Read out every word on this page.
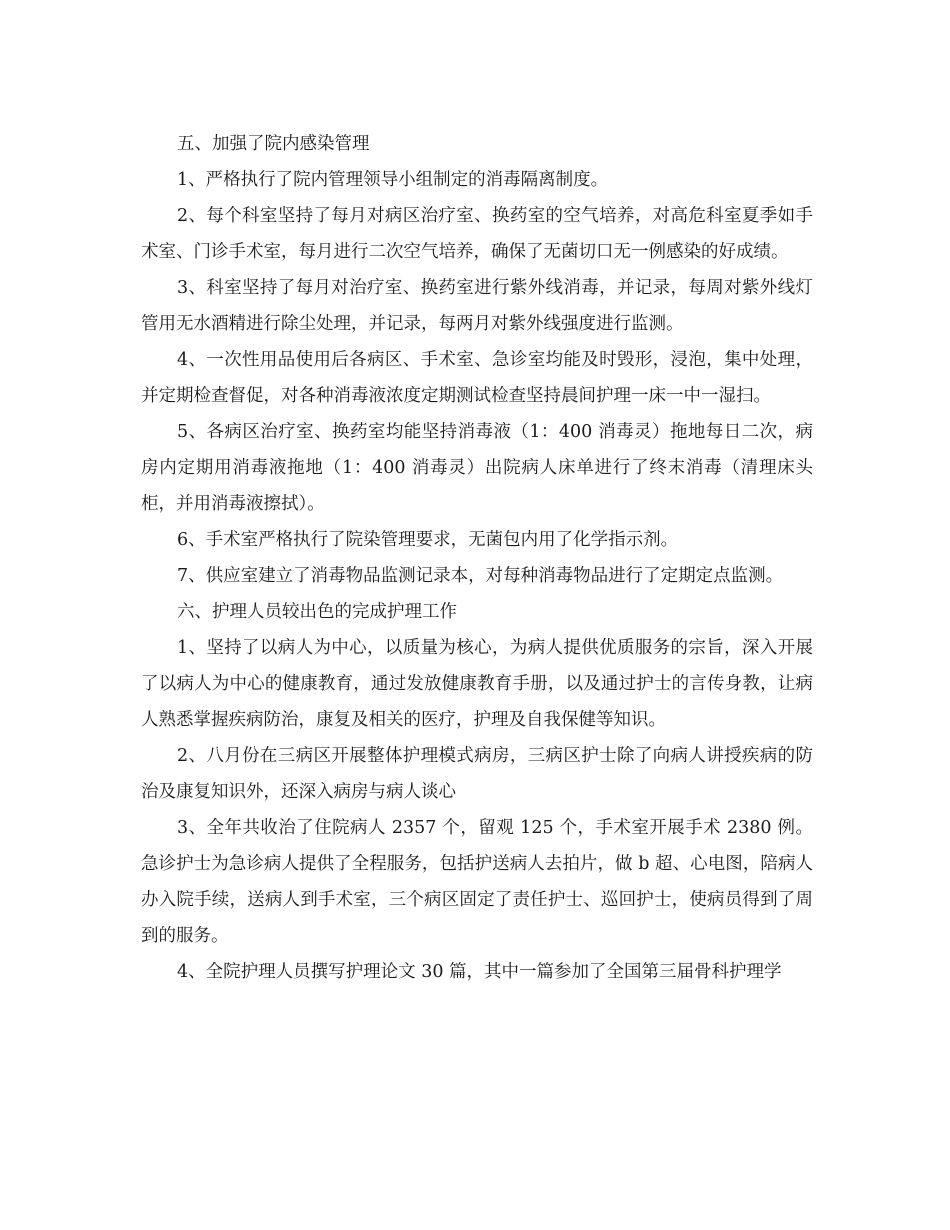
五、加强了院内感染管理

1、严格执行了院内管理领导小组制定的消毒隔离制度。

2、每个科室坚持了每月对病区治疗室、换药室的空气培养，对高危科室夏季如手术室、门诊手术室，每月进行二次空气培养，确保了无菌切口无一例感染的好成绩。

3、科室坚持了每月对治疗室、换药室进行紫外线消毒，并记录，每周对紫外线灯管用无水酒精进行除尘处理，并记录，每两月对紫外线强度进行监测。

4、一次性用品使用后各病区、手术室、急诊室均能及时毁形，浸泡，集中处理，并定期检查督促，对各种消毒液浓度定期测试检查坚持晨间护理一床一中一湿扫。

5、各病区治疗室、换药室均能坚持消毒液（1：400 消毒灵）拖地每日二次，病房内定期用消毒液拖地（1：400 消毒灵）出院病人床单进行了终末消毒（清理床头柜，并用消毒液擦拭）。

6、手术室严格执行了院染管理要求，无菌包内用了化学指示剂。

7、供应室建立了消毒物品监测记录本，对每种消毒物品进行了定期定点监测。

六、护理人员较出色的完成护理工作

1、坚持了以病人为中心，以质量为核心，为病人提供优质服务的宗旨，深入开展了以病人为中心的健康教育，通过发放健康教育手册，以及通过护士的言传身教，让病人熟悉掌握疾病防治，康复及相关的医疗，护理及自我保健等知识。

2、八月份在三病区开展整体护理模式病房，三病区护士除了向病人讲授疾病的防治及康复知识外，还深入病房与病人谈心

3、全年共收治了住院病人 2357 个，留观 125 个，手术室开展手术 2380 例。急诊护士为急诊病人提供了全程服务，包括护送病人去拍片，做 b 超、心电图，陪病人办入院手续，送病人到手术室，三个病区固定了责任护士、巡回护士，使病员得到了周到的服务。

4、全院护理人员撰写护理论文 30 篇，其中一篇参加了全国第三届骨科护理学
